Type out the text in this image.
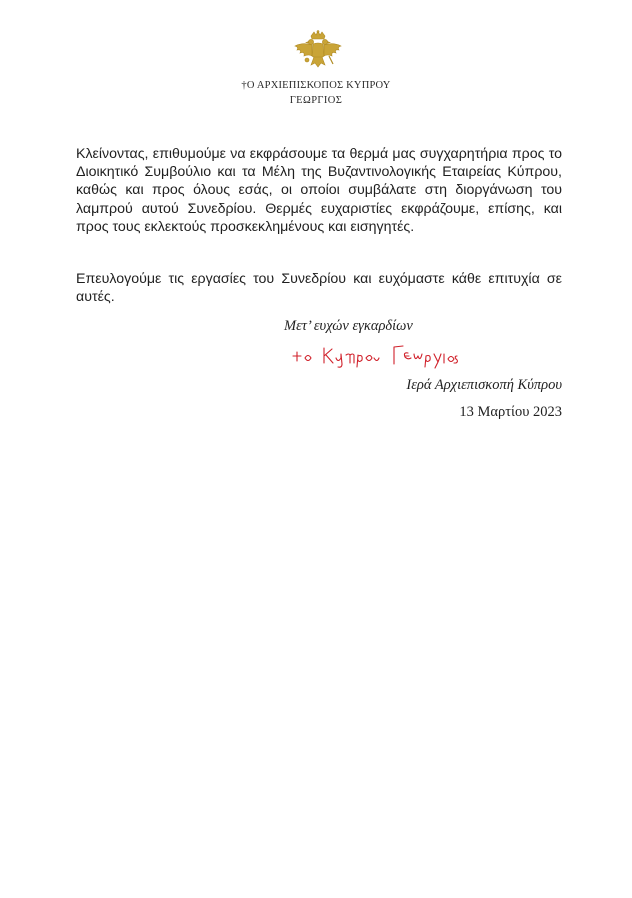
†Ο ΑΡΧΙΕΠΙΣΚΟΠΟΣ ΚΥΠΡΟΥ
ΓΕΩΡΓΙΟΣ

Κλείνοντας, επιθυμούμε να εκφράσουμε τα θερμά μας συγχαρητήρια προς το Διοικητικό Συμβούλιο και τα Μέλη της Βυζαντινολογικής Εταιρείας Κύπρου, καθώς και προς όλους εσάς, οι οποίοι συμβάλατε στη διοργάνωση του λαμπρού αυτού Συνεδρίου. Θερμές ευχαριστίες εκφράζουμε, επίσης, και προς τους εκλεκτούς προσκεκλημένους και εισηγητές.

Επευλογούμε τις εργασίες του Συνεδρίου και ευχόμαστε κάθε επιτυχία σε αυτές.

Μετ’ ευχών εγκαρδίων

Ιερά Αρχιεπισκοπή Κύπρου

13 Μαρτίου 2023
